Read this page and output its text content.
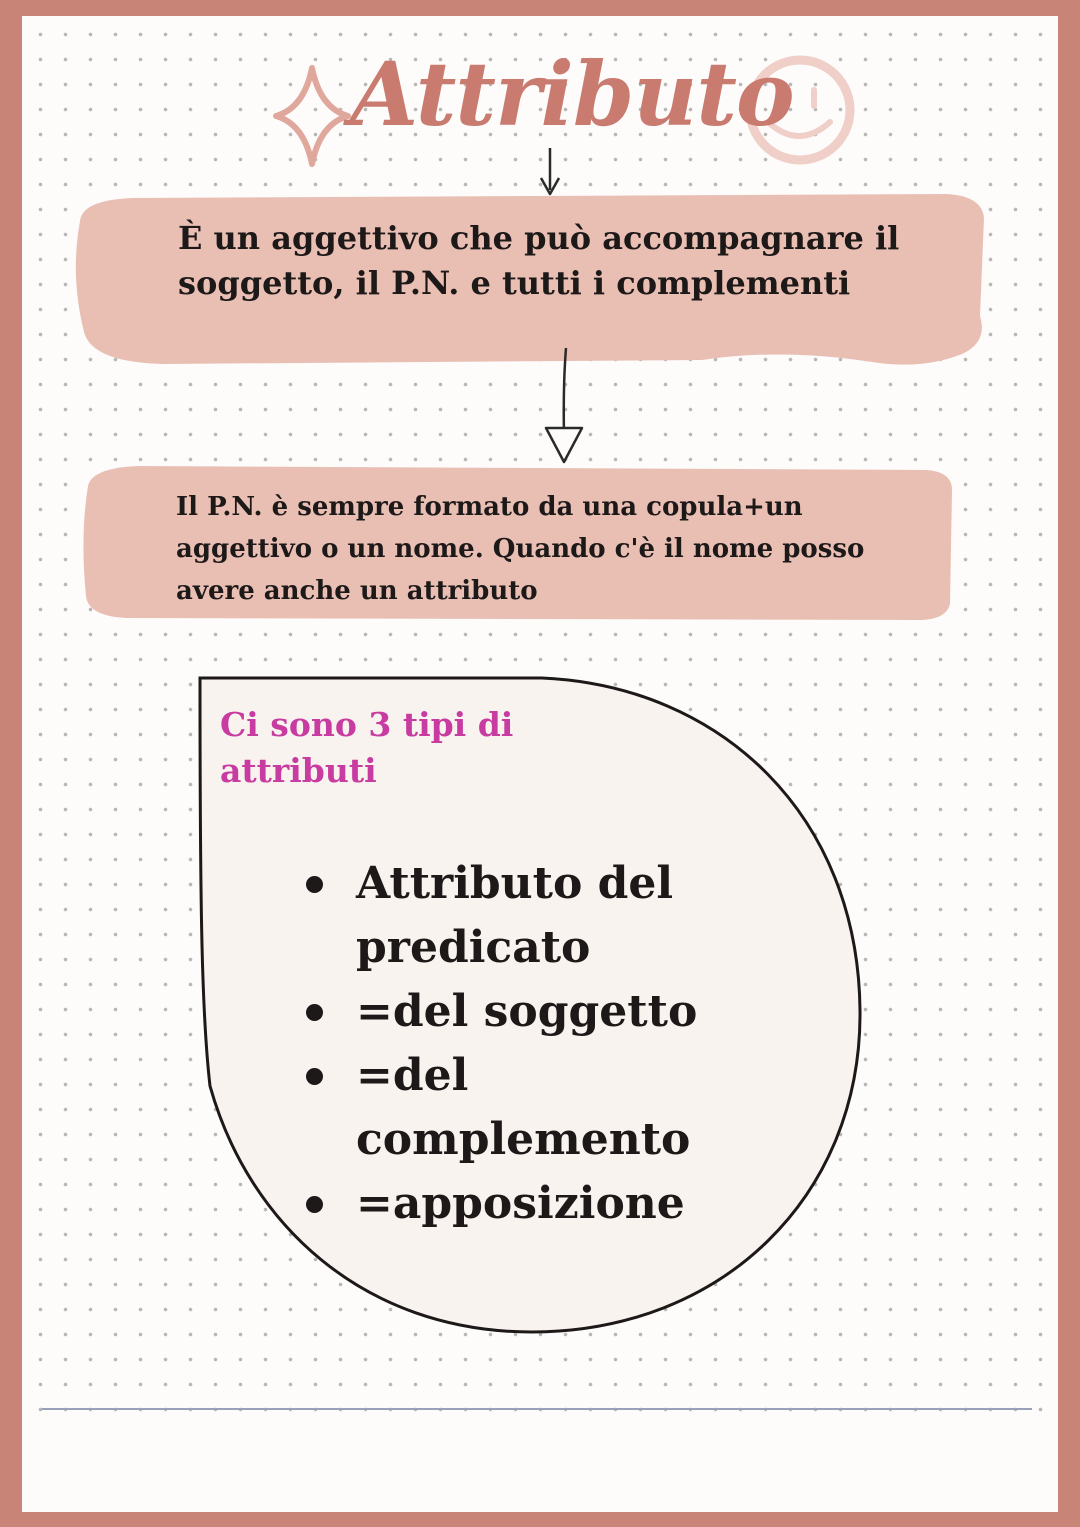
Attributo
È un aggettivo che può accompagnare il soggetto, il P.N. e tutti i complementi
Il P.N. è sempre formato da una copula+un aggettivo o un nome. Quando c'è il nome posso avere anche un attributo
Ci sono 3 tipi di attributi
Attributo del predicato
=del soggetto
=del complemento
=apposizione
